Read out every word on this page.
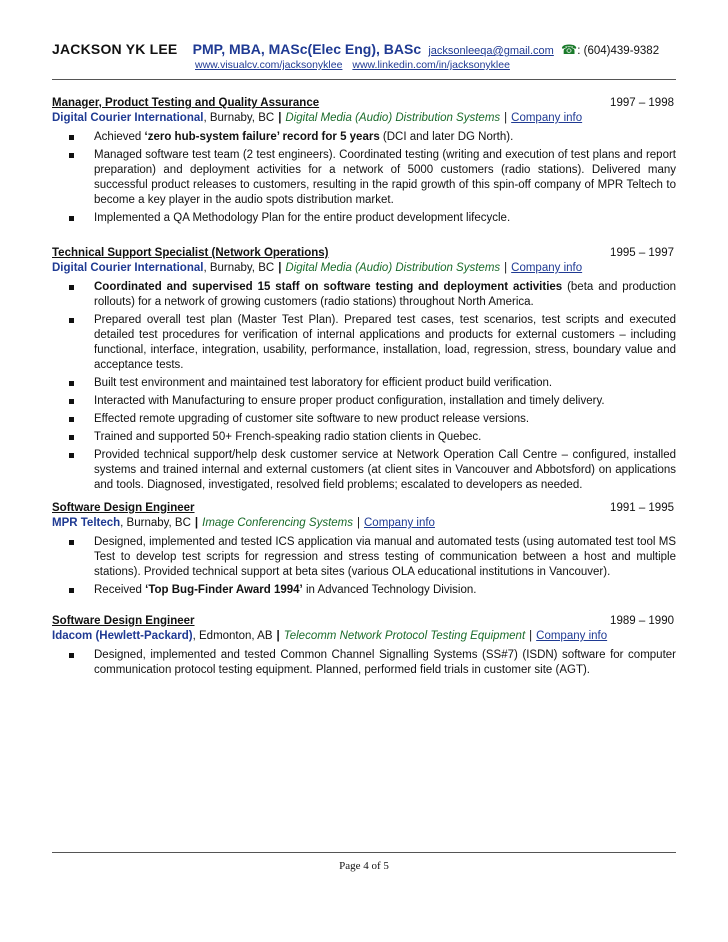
JACKSON YK LEE PMP, MBA, MASc(Elec Eng), BASc jacksonleeqa@gmail.com ☎: (604)439-9382
www.visualcv.com/jacksonyklee www.linkedin.com/in/jacksonyklee
Manager, Product Testing and Quality Assurance	1997 – 1998
Digital Courier International, Burnaby, BC | Digital Media (Audio) Distribution Systems | Company info
Achieved ‘zero hub-system failure’ record for 5 years (DCI and later DG North).
Managed software test team (2 test engineers). Coordinated testing (writing and execution of test plans and report preparation) and deployment activities for a network of 5000 customers (radio stations). Delivered many successful product releases to customers, resulting in the rapid growth of this spin-off company of MPR Teltech to become a key player in the audio spots distribution market.
Implemented a QA Methodology Plan for the entire product development lifecycle.
Technical Support Specialist (Network Operations)	1995 – 1997
Digital Courier International, Burnaby, BC | Digital Media (Audio) Distribution Systems | Company info
Coordinated and supervised 15 staff on software testing and deployment activities (beta and production rollouts) for a network of growing customers (radio stations) throughout North America.
Prepared overall test plan (Master Test Plan). Prepared test cases, test scenarios, test scripts and executed detailed test procedures for verification of internal applications and products for external customers – including functional, interface, integration, usability, performance, installation, load, regression, stress, boundary value and acceptance tests.
Built test environment and maintained test laboratory for efficient product build verification.
Interacted with Manufacturing to ensure proper product configuration, installation and timely delivery.
Effected remote upgrading of customer site software to new product release versions.
Trained and supported 50+ French-speaking radio station clients in Quebec.
Provided technical support/help desk customer service at Network Operation Call Centre – configured, installed systems and trained internal and external customers (at client sites in Vancouver and Abbotsford) on applications and tools. Diagnosed, investigated, resolved field problems; escalated to developers as needed.
Software Design Engineer	1991 – 1995
MPR Teltech, Burnaby, BC | Image Conferencing Systems | Company info
Designed, implemented and tested ICS application via manual and automated tests (using automated test tool MS Test to develop test scripts for regression and stress testing of communication between a host and multiple stations). Provided technical support at beta sites (various OLA educational institutions in Vancouver).
Received ‘Top Bug-Finder Award 1994’ in Advanced Technology Division.
Software Design Engineer	1989 – 1990
Idacom (Hewlett-Packard), Edmonton, AB | Telecomm Network Protocol Testing Equipment | Company info
Designed, implemented and tested Common Channel Signalling Systems (SS#7) (ISDN) software for computer communication protocol testing equipment. Planned, performed field trials in customer site (AGT).
Page 4 of 5
